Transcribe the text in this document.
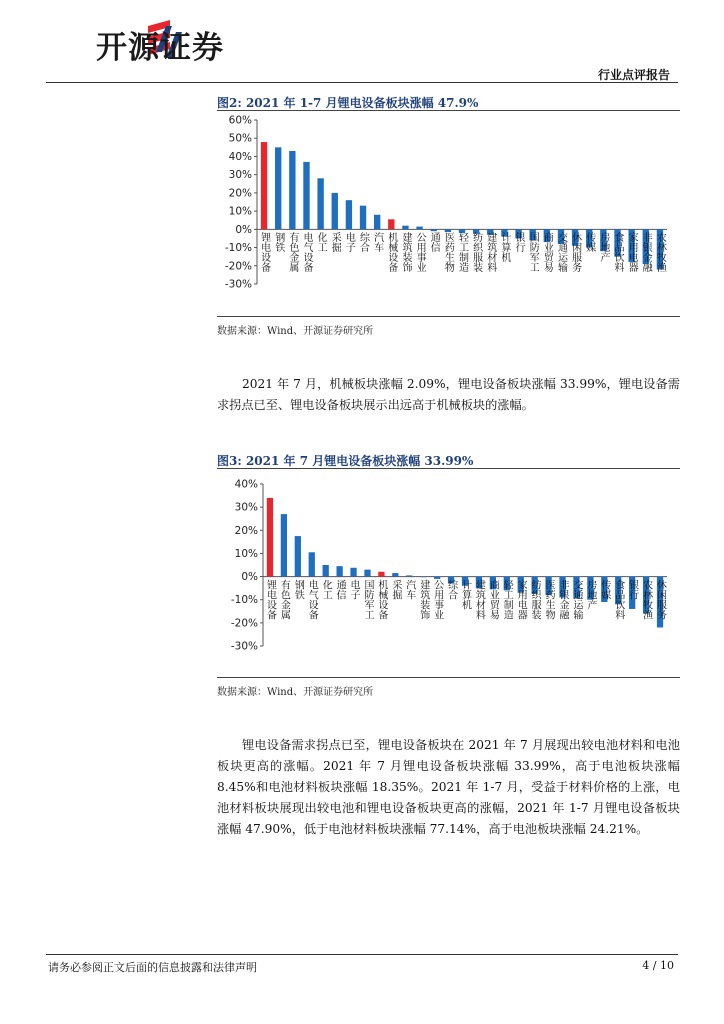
开源证券
行业点评报告
图2: 2021 年 1-7 月锂电设备板块涨幅 47.9%
-30%
-20%
-10%
0%
10%
20%
30%
40%
50%
60%
锂电设备 钢铁 有色金属 电气设备 化工 采掘 电子 综合 汽车 机械设备 建筑装饰 公用事业 通信 医药生物 轻工制造 纺织服装 建筑材料 计算机 银行 国防军工 商业贸易 交通运输 休闲服务 传媒 房地产 食品饮料 家用电器 非银金融 农林牧渔
数据来源：Wind、开源证券研究所
2021 年 7 月，机械板块涨幅 2.09%，锂电设备板块涨幅 33.99%，锂电设备需求拐点已至、锂电设备板块展示出远高于机械板块的涨幅。
图3: 2021 年 7 月锂电设备板块涨幅 33.99%
-30%
-20%
-10%
0%
10%
20%
30%
40%
锂电设备 有色金属 钢铁 电气设备 化工 通信 电子 国防军工 机械设备 采掘 汽车 建筑装饰 公用事业 综合 计算机 建筑材料 商业贸易 轻工制造 家用电器 纺织服装 医药生物 非银金融 交通运输 房地产 传媒 食品饮料 银行 农林牧渔 休闲服务
数据来源：Wind、开源证券研究所
锂电设备需求拐点已至，锂电设备板块在 2021 年 7 月展现出较电池材料和电池板块更高的涨幅。2021 年 7 月锂电设备板块涨幅 33.99%，高于电池板块涨幅 8.45%和电池材料板块涨幅 18.35%。2021 年 1-7 月，受益于材料价格的上涨，电池材料板块展现出较电池和锂电设备板块更高的涨幅，2021 年 1-7 月锂电设备板块涨幅 47.90%，低于电池材料板块涨幅 77.14%，高于电池板块涨幅 24.21%。
请务必参阅正文后面的信息披露和法律声明	4 / 10
